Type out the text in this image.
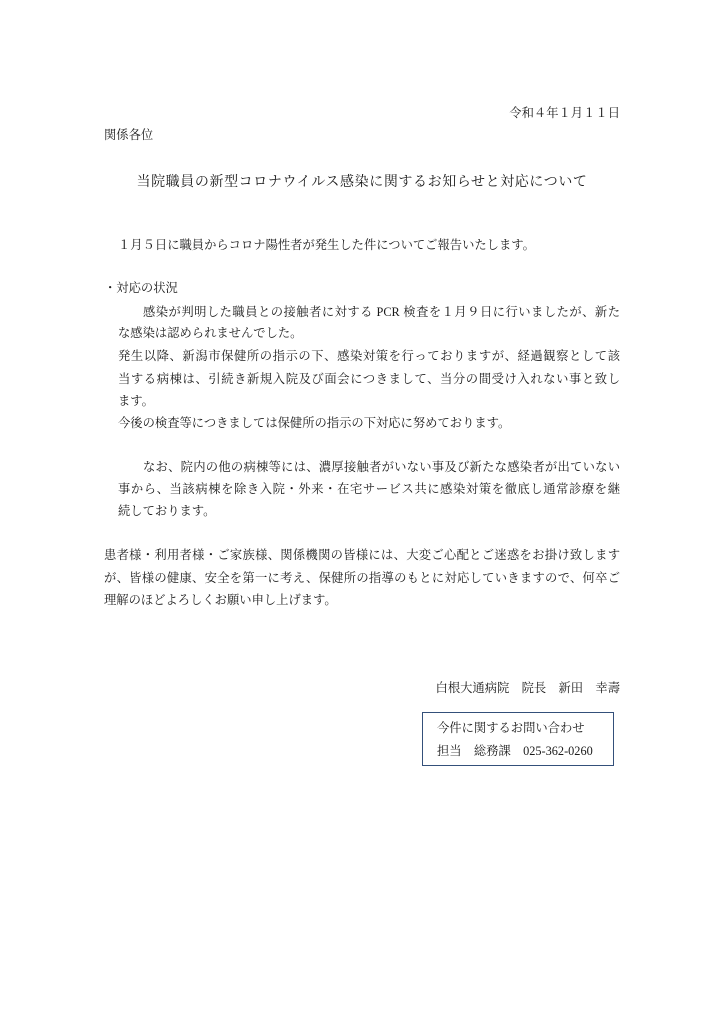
令和４年１月１１日
関係各位
当院職員の新型コロナウイルス感染に関するお知らせと対応について
１月５日に職員からコロナ陽性者が発生した件についてご報告いたします。
・対応の状況
感染が判明した職員との接触者に対する PCR 検査を１月９日に行いましたが、新た
な感染は認められませんでした。
発生以降、新潟市保健所の指示の下、感染対策を行っておりますが、経過観察として該
当する病棟は、引続き新規入院及び面会につきまして、当分の間受け入れない事と致し
ます。
今後の検査等につきましては保健所の指示の下対応に努めております。
なお、院内の他の病棟等には、濃厚接触者がいない事及び新たな感染者が出ていない
事から、当該病棟を除き入院・外来・在宅サービス共に感染対策を徹底し通常診療を継
続しております。
患者様・利用者様・ご家族様、関係機関の皆様には、大変ご心配とご迷惑をお掛け致します
が、皆様の健康、安全を第一に考え、保健所の指導のもとに対応していきますので、何卒ご
理解のほどよろしくお願い申し上げます。
白根大通病院　院長　新田　幸壽
今件に関するお問い合わせ
担当　総務課　025-362-0260
